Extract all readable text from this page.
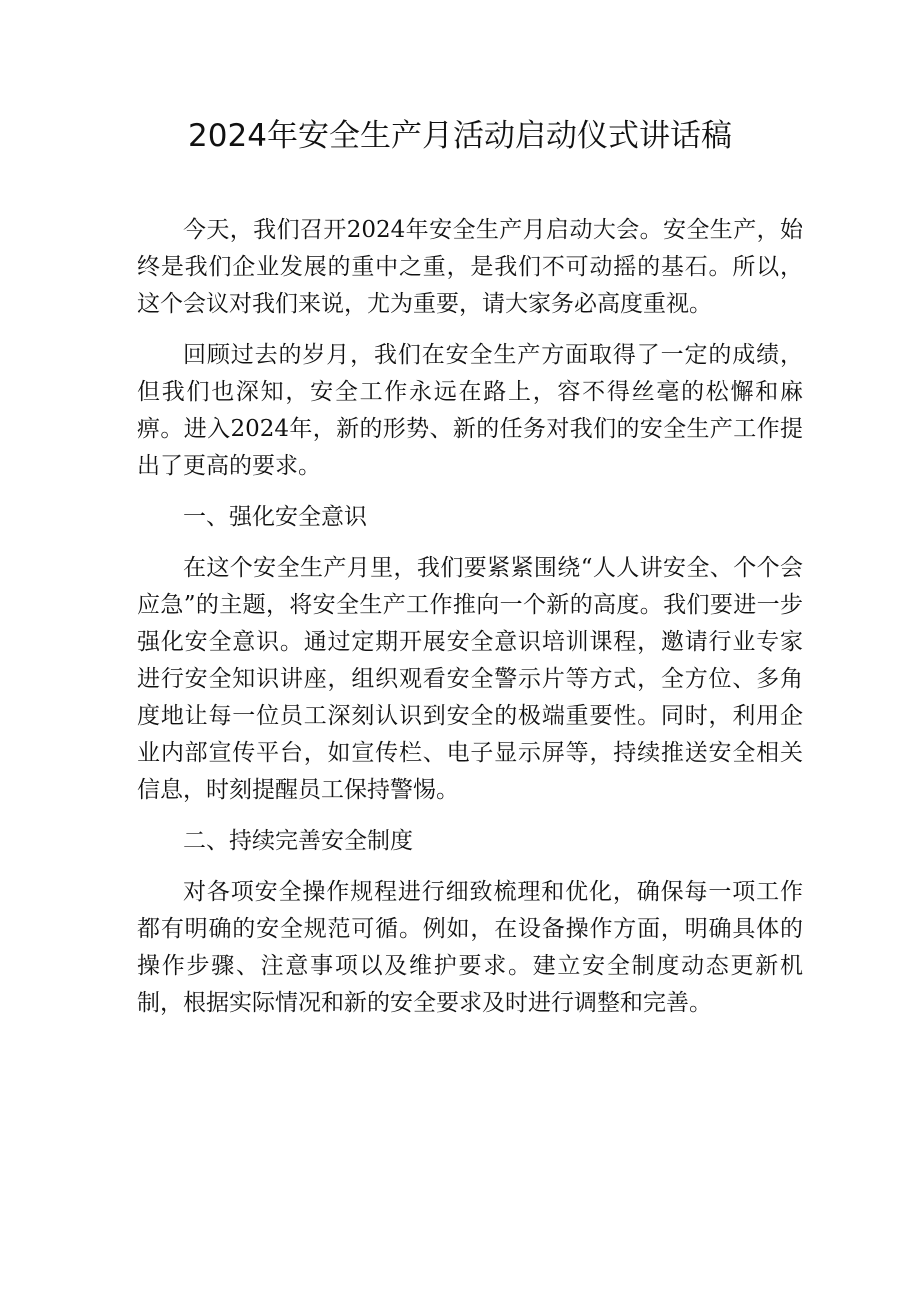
2024年安全生产月活动启动仪式讲话稿

今天，我们召开2024年安全生产月启动大会。安全生产，始终是我们企业发展的重中之重，是我们不可动摇的基石。所以，这个会议对我们来说，尤为重要，请大家务必高度重视。

回顾过去的岁月，我们在安全生产方面取得了一定的成绩，但我们也深知，安全工作永远在路上，容不得丝毫的松懈和麻痹。进入2024年，新的形势、新的任务对我们的安全生产工作提出了更高的要求。

一、强化安全意识

在这个安全生产月里，我们要紧紧围绕“人人讲安全、个个会应急”的主题，将安全生产工作推向一个新的高度。我们要进一步强化安全意识。通过定期开展安全意识培训课程，邀请行业专家进行安全知识讲座，组织观看安全警示片等方式，全方位、多角度地让每一位员工深刻认识到安全的极端重要性。同时，利用企业内部宣传平台，如宣传栏、电子显示屏等，持续推送安全相关信息，时刻提醒员工保持警惕。

二、持续完善安全制度

对各项安全操作规程进行细致梳理和优化，确保每一项工作都有明确的安全规范可循。例如，在设备操作方面，明确具体的操作步骤、注意事项以及维护要求。建立安全制度动态更新机制，根据实际情况和新的安全要求及时进行调整和完善。
